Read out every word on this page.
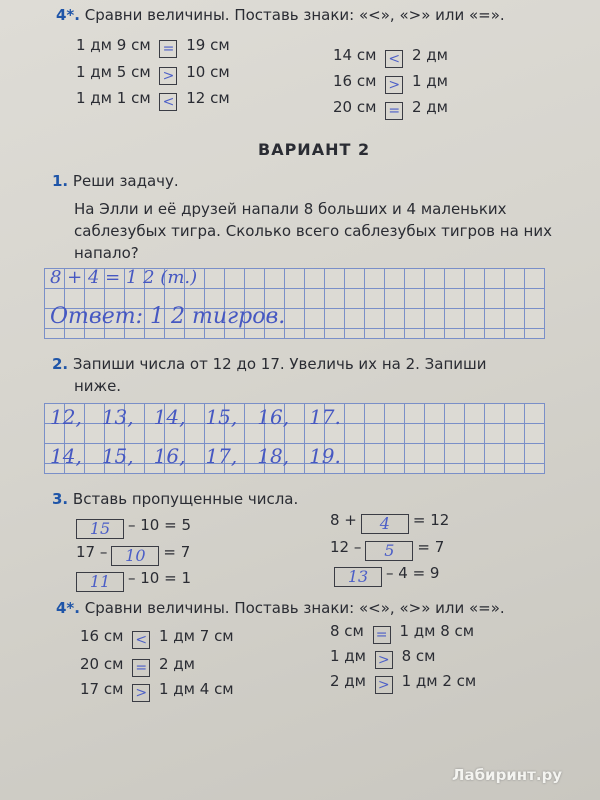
4*. Сравни величины. Поставь знаки: «<», «>» или «=».
1 дм 9 см = 19 см
1 дм 5 см > 10 см
1 дм 1 см < 12 см
14 см < 2 дм
16 см > 1 дм
20 см = 2 дм
ВАРИАНТ 2
1. Реши задачу.
На Элли и её друзей напали 8 больших и 4 маленьких
саблезубых тигра. Сколько всего саблезубых тигров на них
напало?
8 + 4 = 1 2 (т.)
Ответ: 1 2 тигров.
2. Запиши числа от 12 до 17. Увеличь их на 2. Запиши
ниже.
12, 13, 14, 15, 16, 17.
14, 15, 16, 17, 18, 19.
3. Вставь пропущенные числа.
15 – 10 = 5
17 – 10 = 7
11 – 10 = 1
8 + 4 = 12
12 – 5 = 7
13 – 4 = 9
4*. Сравни величины. Поставь знаки: «<», «>» или «=».
16 см < 1 дм 7 см
20 см = 2 дм
17 см > 1 дм 4 см
8 см = 1 дм 8 см
1 дм > 8 см
2 дм > 1 дм 2 см
Лабиринт.ру
